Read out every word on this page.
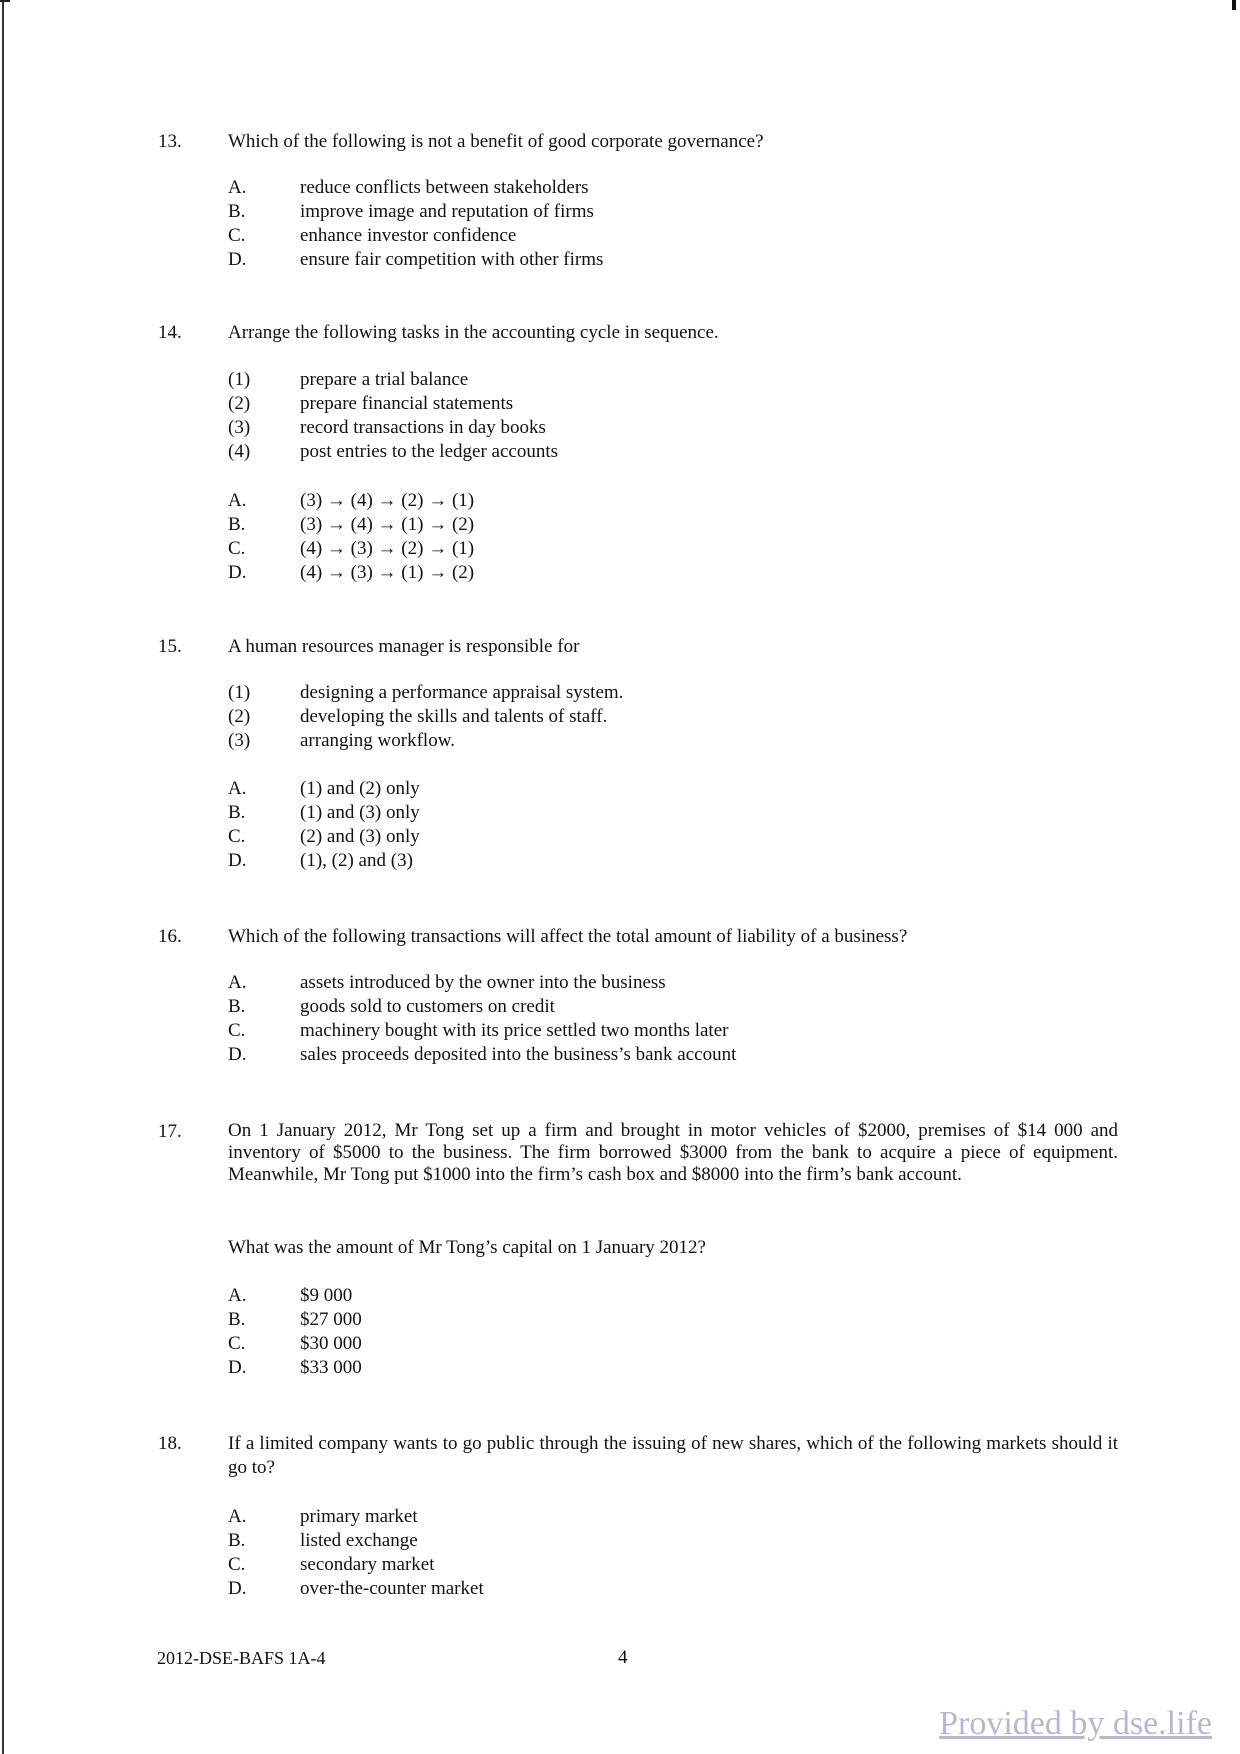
13. Which of the following is not a benefit of good corporate governance?
A.	reduce conflicts between stakeholders
B.	improve image and reputation of firms
C.	enhance investor confidence
D.	ensure fair competition with other firms
14. Arrange the following tasks in the accounting cycle in sequence.
(1)	prepare a trial balance
(2)	prepare financial statements
(3)	record transactions in day books
(4)	post entries to the ledger accounts
A.	(3) → (4) → (2) → (1)
B.	(3) → (4) → (1) → (2)
C.	(4) → (3) → (2) → (1)
D.	(4) → (3) → (1) → (2)
15. A human resources manager is responsible for
(1)	designing a performance appraisal system.
(2)	developing the skills and talents of staff.
(3)	arranging workflow.
A.	(1) and (2) only
B.	(1) and (3) only
C.	(2) and (3) only
D.	(1), (2) and (3)
16. Which of the following transactions will affect the total amount of liability of a business?
A.	assets introduced by the owner into the business
B.	goods sold to customers on credit
C.	machinery bought with its price settled two months later
D.	sales proceeds deposited into the business’s bank account
17. On 1 January 2012, Mr Tong set up a firm and brought in motor vehicles of $2000, premises of $14 000 and inventory of $5000 to the business. The firm borrowed $3000 from the bank to acquire a piece of equipment. Meanwhile, Mr Tong put $1000 into the firm’s cash box and $8000 into the firm’s bank account.
What was the amount of Mr Tong’s capital on 1 January 2012?
A.	$9 000
B.	$27 000
C.	$30 000
D.	$33 000
18. If a limited company wants to go public through the issuing of new shares, which of the following markets should it go to?
A.	primary market
B.	listed exchange
C.	secondary market
D.	over-the-counter market
2012-DSE-BAFS 1A-4	4
Provided by dse.life
